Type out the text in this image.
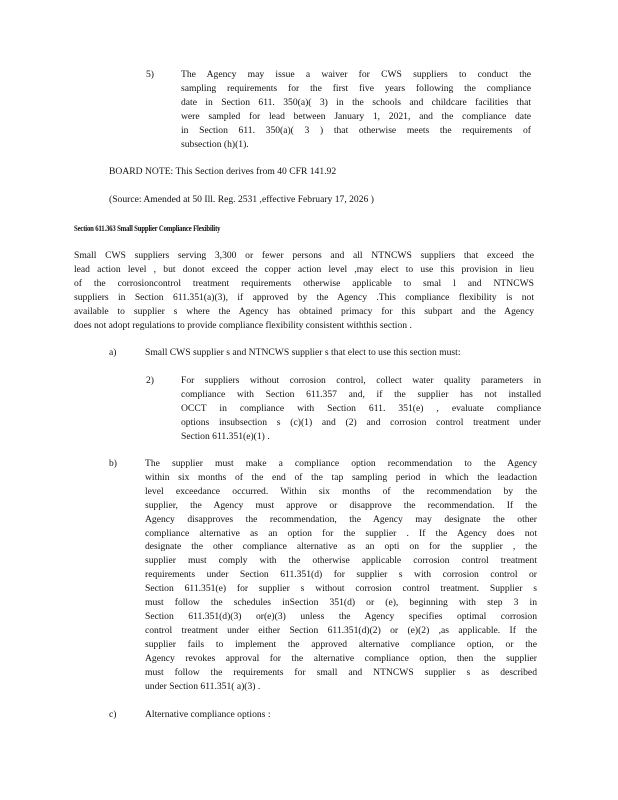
5)	The Agency may issue a waiver for CWS suppliers to conduct the
sampling requirements for the first five years following the compliance
date in Section 611. 350(a)( 3) in the schools and childcare facilities that
were sampled for lead between January 1, 2021, and the compliance date
in Section 611. 350(a)( 3 ) that otherwise meets the requirements of
subsection (h)(1).
BOARD NOTE: This Section derives from 40 CFR 141.92
(Source: Amended at 50 Ill. Reg. 2531 ,effective February 17, 2026 )
Section 611.363 Small Supplier Compliance Flexibility
Small CWS suppliers serving 3,300 or fewer persons and all NTNCWS suppliers that exceed the
lead action level , but donot exceed the copper action level ,may elect to use this provision in lieu
of the corrosioncontrol treatment requirements otherwise applicable to smal l and NTNCWS
suppliers in Section 611.351(a)(3), if approved by the Agency .This compliance flexibility is not
available to supplier s where the Agency has obtained primacy for this subpart and the Agency
does not adopt regulations to provide compliance flexibility consistent withthis section .
a)	Small CWS supplier s and NTNCWS supplier s that elect to use this section must:
2)	For suppliers without corrosion control, collect water quality parameters in
compliance with Section 611.357 and, if the supplier has not installed
OCCT in compliance with Section 611. 351(e) , evaluate compliance
options insubsection s (c)(1) and (2) and corrosion control treatment under
Section 611.351(e)(1) .
b)	The supplier must make a compliance option recommendation to the Agency
within six months of the end of the tap sampling period in which the leadaction
level exceedance occurred. Within six months of the recommendation by the
supplier, the Agency must approve or disapprove the recommendation. If the
Agency disapproves the recommendation, the Agency may designate the other
compliance alternative as an option for the supplier . If the Agency does not
designate the other compliance alternative as an opti on for the supplier , the
supplier must comply with the otherwise applicable corrosion control treatment
requirements under Section 611.351(d) for supplier s with corrosion control or
Section 611.351(e) for supplier s without corrosion control treatment. Supplier s
must follow the schedules inSection 351(d) or (e), beginning with step 3 in
Section 611.351(d)(3) or(e)(3) unless the Agency specifies optimal corrosion
control treatment under either Section 611.351(d)(2) or (e)(2) ,as applicable. If the
supplier fails to implement the approved alternative compliance option, or the
Agency revokes approval for the alternative compliance option, then the supplier
must follow the requirements for small and NTNCWS supplier s as described
under Section 611.351( a)(3) .
c)	Alternative compliance options :
